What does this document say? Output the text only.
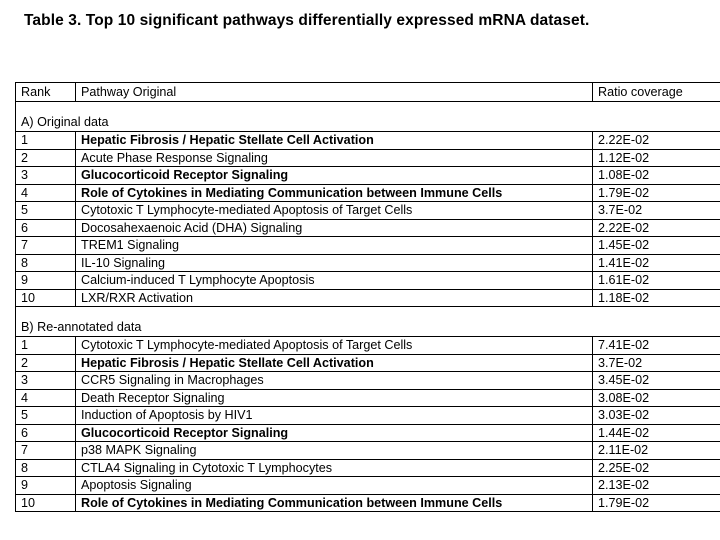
Table 3. Top 10 significant pathways differentially expressed mRNA dataset.
Rank	Pathway Original	Ratio coverage

A) Original data		
1	Hepatic Fibrosis / Hepatic Stellate Cell Activation	2.22E-02
2	Acute Phase Response Signaling	1.12E-02
3	Glucocorticoid Receptor Signaling	1.08E-02
4	Role of Cytokines in Mediating Communication between Immune Cells	1.79E-02
5	Cytotoxic T Lymphocyte-mediated Apoptosis of Target Cells	3.7E-02
6	Docosahexaenoic Acid (DHA) Signaling	2.22E-02
7	TREM1 Signaling	1.45E-02
8	IL-10 Signaling	1.41E-02
9	Calcium-induced T Lymphocyte Apoptosis	1.61E-02
10	LXR/RXR Activation	1.18E-02

B) Re-annotated data		
1	Cytotoxic T Lymphocyte-mediated Apoptosis of Target Cells	7.41E-02
2	Hepatic Fibrosis / Hepatic Stellate Cell Activation	3.7E-02
3	CCR5 Signaling in Macrophages	3.45E-02
4	Death Receptor Signaling	3.08E-02
5	Induction of Apoptosis by HIV1	3.03E-02
6	Glucocorticoid Receptor Signaling	1.44E-02
7	p38 MAPK Signaling	2.11E-02
8	CTLA4 Signaling in Cytotoxic T Lymphocytes	2.25E-02
9	Apoptosis Signaling	2.13E-02
10	Role of Cytokines in Mediating Communication between Immune Cells	1.79E-02
